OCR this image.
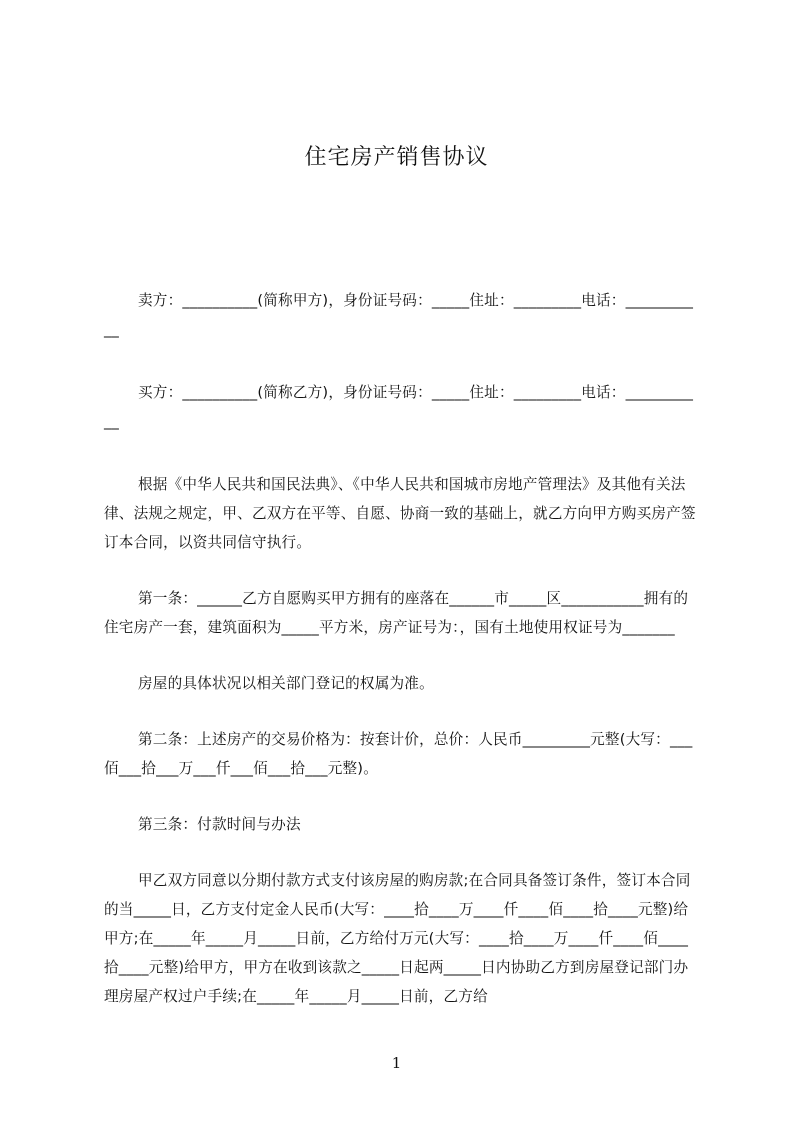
住宅房产销售协议

卖方：__________(简称甲方)，身份证号码：_____住址：_________电话：___________

买方：__________(简称乙方)，身份证号码：_____住址：_________电话：___________

根据《中华人民共和国民法典》、《中华人民共和国城市房地产管理法》及其他有关法律、法规之规定，甲、乙双方在平等、自愿、协商一致的基础上，就乙方向甲方购买房产签订本合同，以资共同信守执行。

第一条：______乙方自愿购买甲方拥有的座落在______市_____区___________拥有的住宅房产一套，建筑面积为_____平方米，房产证号为：，国有土地使用权证号为_______

房屋的具体状况以相关部门登记的权属为准。

第二条：上述房产的交易价格为：按套计价，总价：人民币_________元整(大写：___佰___拾___万___仟___佰___拾___元整)。

第三条：付款时间与办法

甲乙双方同意以分期付款方式支付该房屋的购房款;在合同具备签订条件，签订本合同的当_____日，乙方支付定金人民币(大写：____拾____万____仟____佰____拾____元整)给甲方;在_____年_____月_____日前，乙方给付万元(大写：____拾____万____仟____佰____拾____元整)给甲方，甲方在收到该款之_____日起两_____日内协助乙方到房屋登记部门办理房屋产权过户手续;在_____年_____月_____日前，乙方给

1
